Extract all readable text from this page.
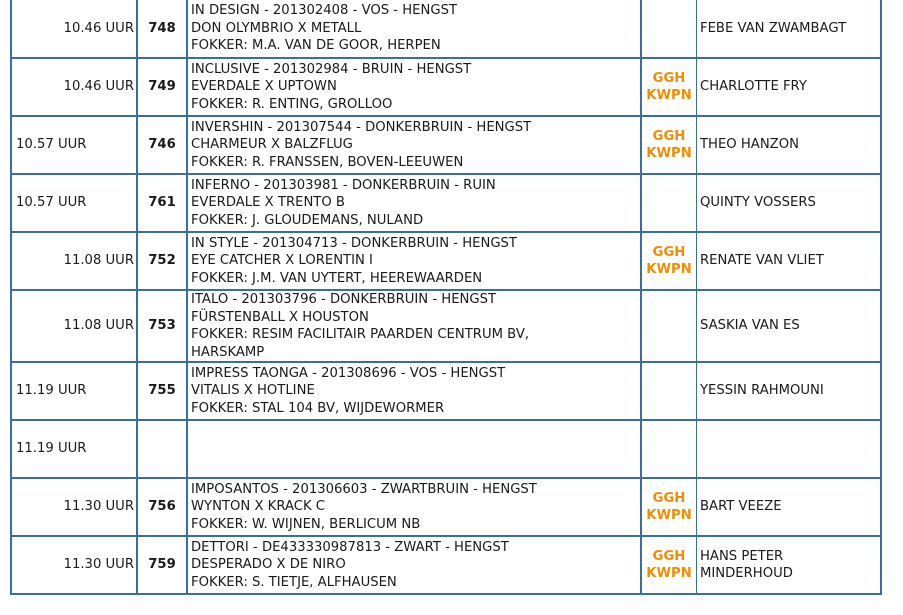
10.46 UUR	748	IN DESIGN - 201302408 - VOS - HENGST
DON OLYMBRIO X METALL
FOKKER: M.A. VAN DE GOOR, HERPEN		FEBE VAN ZWAMBAGT

10.46 UUR	749	INCLUSIVE - 201302984 - BRUIN - HENGST
EVERDALE X UPTOWN
FOKKER: R. ENTING, GROLLOO	GGH
KWPN	CHARLOTTE FRY

10.57 UUR	746	INVERSHIN - 201307544 - DONKERBRUIN - HENGST
CHARMEUR X BALZFLUG
FOKKER: R. FRANSSEN, BOVEN-LEEUWEN	GGH
KWPN	THEO HANZON

10.57 UUR	761	INFERNO - 201303981 - DONKERBRUIN - RUIN
EVERDALE X TRENTO B
FOKKER: J. GLOUDEMANS, NULAND		QUINTY VOSSERS

11.08 UUR	752	IN STYLE - 201304713 - DONKERBRUIN - HENGST
EYE CATCHER X LORENTIN I
FOKKER: J.M. VAN UYTERT, HEEREWAARDEN	GGH
KWPN	RENATE VAN VLIET

11.08 UUR	753	ITALO - 201303796 - DONKERBRUIN - HENGST
FÜRSTENBALL X HOUSTON
FOKKER: RESIM FACILITAIR PAARDEN CENTRUM BV,
HARSKAMP		SASKIA VAN ES

11.19 UUR	755	IMPRESS TAONGA - 201308696 - VOS - HENGST
VITALIS X HOTLINE
FOKKER: STAL 104 BV, WIJDEWORMER		YESSIN RAHMOUNI

11.19 UUR		

11.30 UUR	756	IMPOSANTOS - 201306603 - ZWARTBRUIN - HENGST
WYNTON X KRACK C
FOKKER: W. WIJNEN, BERLICUM NB	GGH
KWPN	BART VEEZE

11.30 UUR	759	DETTORI - DE433330987813 - ZWART - HENGST
DESPERADO X DE NIRO
FOKKER: S. TIETJE, ALFHAUSEN	GGH
KWPN	HANS PETER
MINDERHOUD
